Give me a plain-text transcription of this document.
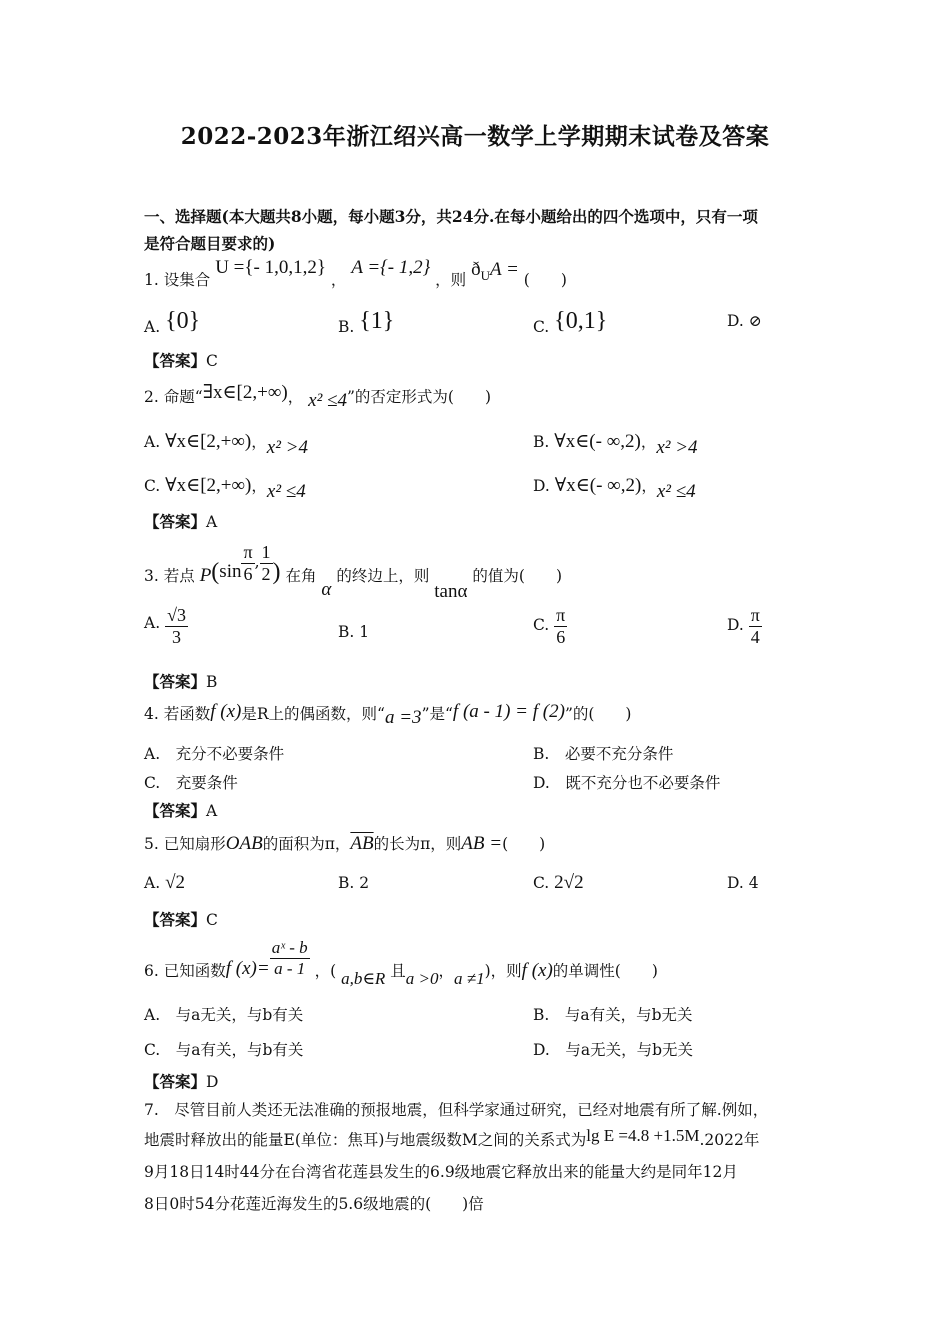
2022-2023年浙江绍兴高一数学上学期期末试卷及答案
一、选择题(本大题共8小题，每小题3分，共24分.在每小题给出的四个选项中，只有一项
是符合题目要求的)
1. 设集合 U ={- 1,0,1,2} ， A ={- 1,2} ，则 $ð_UA$ = (　　)
A. {0}	B. {1}	C. {0,1}	D. ⊘
【答案】C
2. 命题“∃x∈[2,+∞)， x² ≤4”的否定形式为(　　)
A. ∀x∈[2,+∞)，x² >4	B. ∀x∈(- ∞,2)，x² >4
C. ∀x∈[2,+∞)，x² ≤4	D. ∀x∈(- ∞,2)，x² ≤4
【答案】A
3. 若点 $P(\sin \frac{\pi}{6}$ , $\frac{1}{2}$ ) 在角 α 的终边上，则 tanα 的值为(　　)
A. $\frac{√3}{3}$	B. 1	C. $\frac{\pi}{6}$	D. $\frac{\pi}{4}$
【答案】B
4. 若函数f (x)是R上的偶函数，则“a =3”是“f (a - 1) = f (2)”的(　　)
A.　 充分不必要条件	B.　 必要不充分条件
C.　 充要条件	D.　 既不充分也不必要条件
【答案】A
5. 已知扇形OAB的面积为π，$\overline{AB}$的长为π，则AB =(　　)
A. √2	B. 2	C. 2√2	D. 4
【答案】C
6. 已知函数f $(x)= \frac{\text{aˣ - b}}{a - 1}$ ，( a,b∈R 且a >0，a ≠1)，则f (x)的单调性(　　)
A.　 与a无关，与b有关	B.　 与a有关，与b无关
C.　 与a有关，与b有关	D.　 与a无关，与b无关
【答案】D
7.　尽管目前人类还无法准确的预报地震，但科学家通过研究，已经对地震有所了解.例如，
地震时释放出的能量E(单位：焦耳)与地震级数M之间的关系式为lg E =4.8 +1.5M.2022年
9月18日14时44分在台湾省花莲县发生的6.9级地震它释放出来的能量大约是同年12月
8日0时54分花莲近海发生的5.6级地震的(　　)倍
